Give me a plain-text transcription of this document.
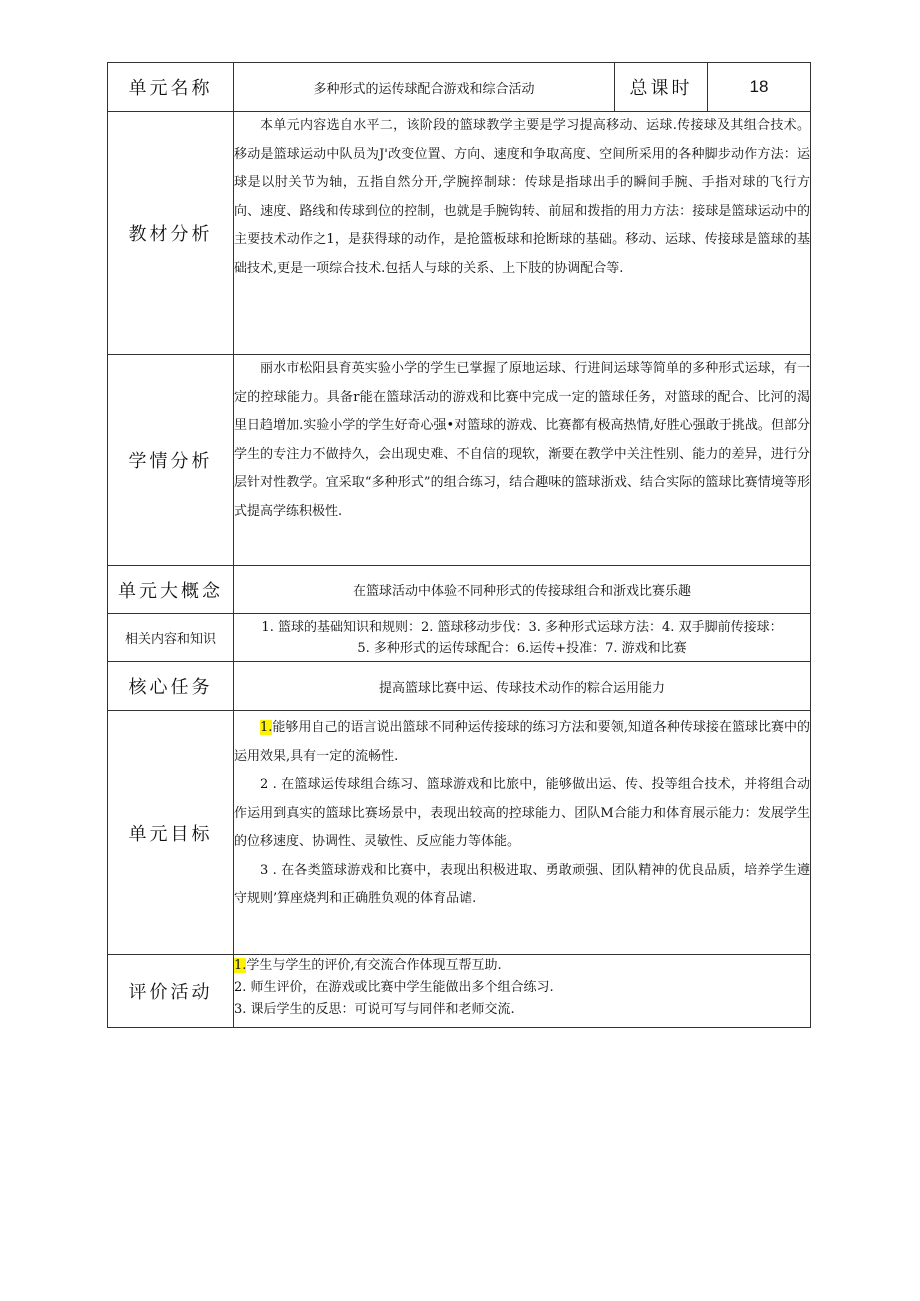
单元名称	多种形式的运传球配合游戏和综合活动	总课时	18
教材分析	本单元内容选自水平二，该阶段的篮球教学主要是学习提高移动、运球.传接球及其组合技术。移动是篮球运动中队员为J'改变位置、方向、速度和争取高度、空间所采用的各种脚步动作方法：运球是以肘关节为轴，五指自然分开,学腕捽制球：传球是指球出手的瞬间手腕、手指对球的飞行方向、速度、路线和传球到位的控制，也就是手腕钩转、前屈和拨指的用力方法：接球是篮球运动中的主要技术动作之1，是获得球的动作，是抢篮板球和抢断球的基础。移动、运球、传接球是篮球的基础技术,更是一项综合技术.包括人与球的关系、上下肢的协调配合等.		

学情分析	丽水市松阳县育英实验小学的学生已掌握了原地运球、行进间运球等简单的多种形式运球，有一定的控球能力。具备r能在篮球活动的游戏和比赛中完成一定的篮球任务，对篮球的配合、比河的渴里日趋增加.实验小学的学生好奇心强•对篮球的游戏、比赛都有极高热情,好胜心强敢于挑战。但部分学生的专注力不做持久，会出现史难、不自信的现软，渐要在教学中关注性别、能力的差异，进行分层针对性教学。宜采取“多种形式”的组合练习，结合趣味的篮球浙戏、结合实际的篮球比赛情境等形式提高学练积极性.		

单元大概念	在篮球活动中体验不同种形式的传接球组合和浙戏比赛乐趣		
相关内容和知识	1. 篮球的基础知识和规则：2. 篮球移动步伐：3. 多种形式运球方法：4. 双手脚前传接球：
5. 多种形式的运传球配合：6.运传+投准：7. 游戏和比赛		

核心任务	提高篮球比赛中运、传球技术动作的粽合运用能力		
单元目标	1.能够用自己的语言说出篮球不同种运传接球的练习方法和要领,知道各种传球接在篮球比赛中的运用效果,具有一定的流畅性.

2 . 在篮球运传球组合练习、篮球游戏和比旅中，能够做出运、传、投等组合技术，并将组合动作运用到真实的篮球比赛场景中，表现出较高的控球能力、团队M合能力和体育展示能力：发展学生的位移速度、协调性、灵敏性、反应能力等体能。

3 . 在各类篮球游戏和比赛中，表现出积极进取、勇敢顽强、团队精神的优良品质，培养学生遵守规则’算座烧判和正确胜负观的体育品谑.		

评价活动	1.学生与学生的评价,有交流合作体现互帮互助.
2. 师生评价，在游戏或比赛中学生能做出多个组合练习.
3. 课后学生的反思：可说可写与同伴和老师交流.		
